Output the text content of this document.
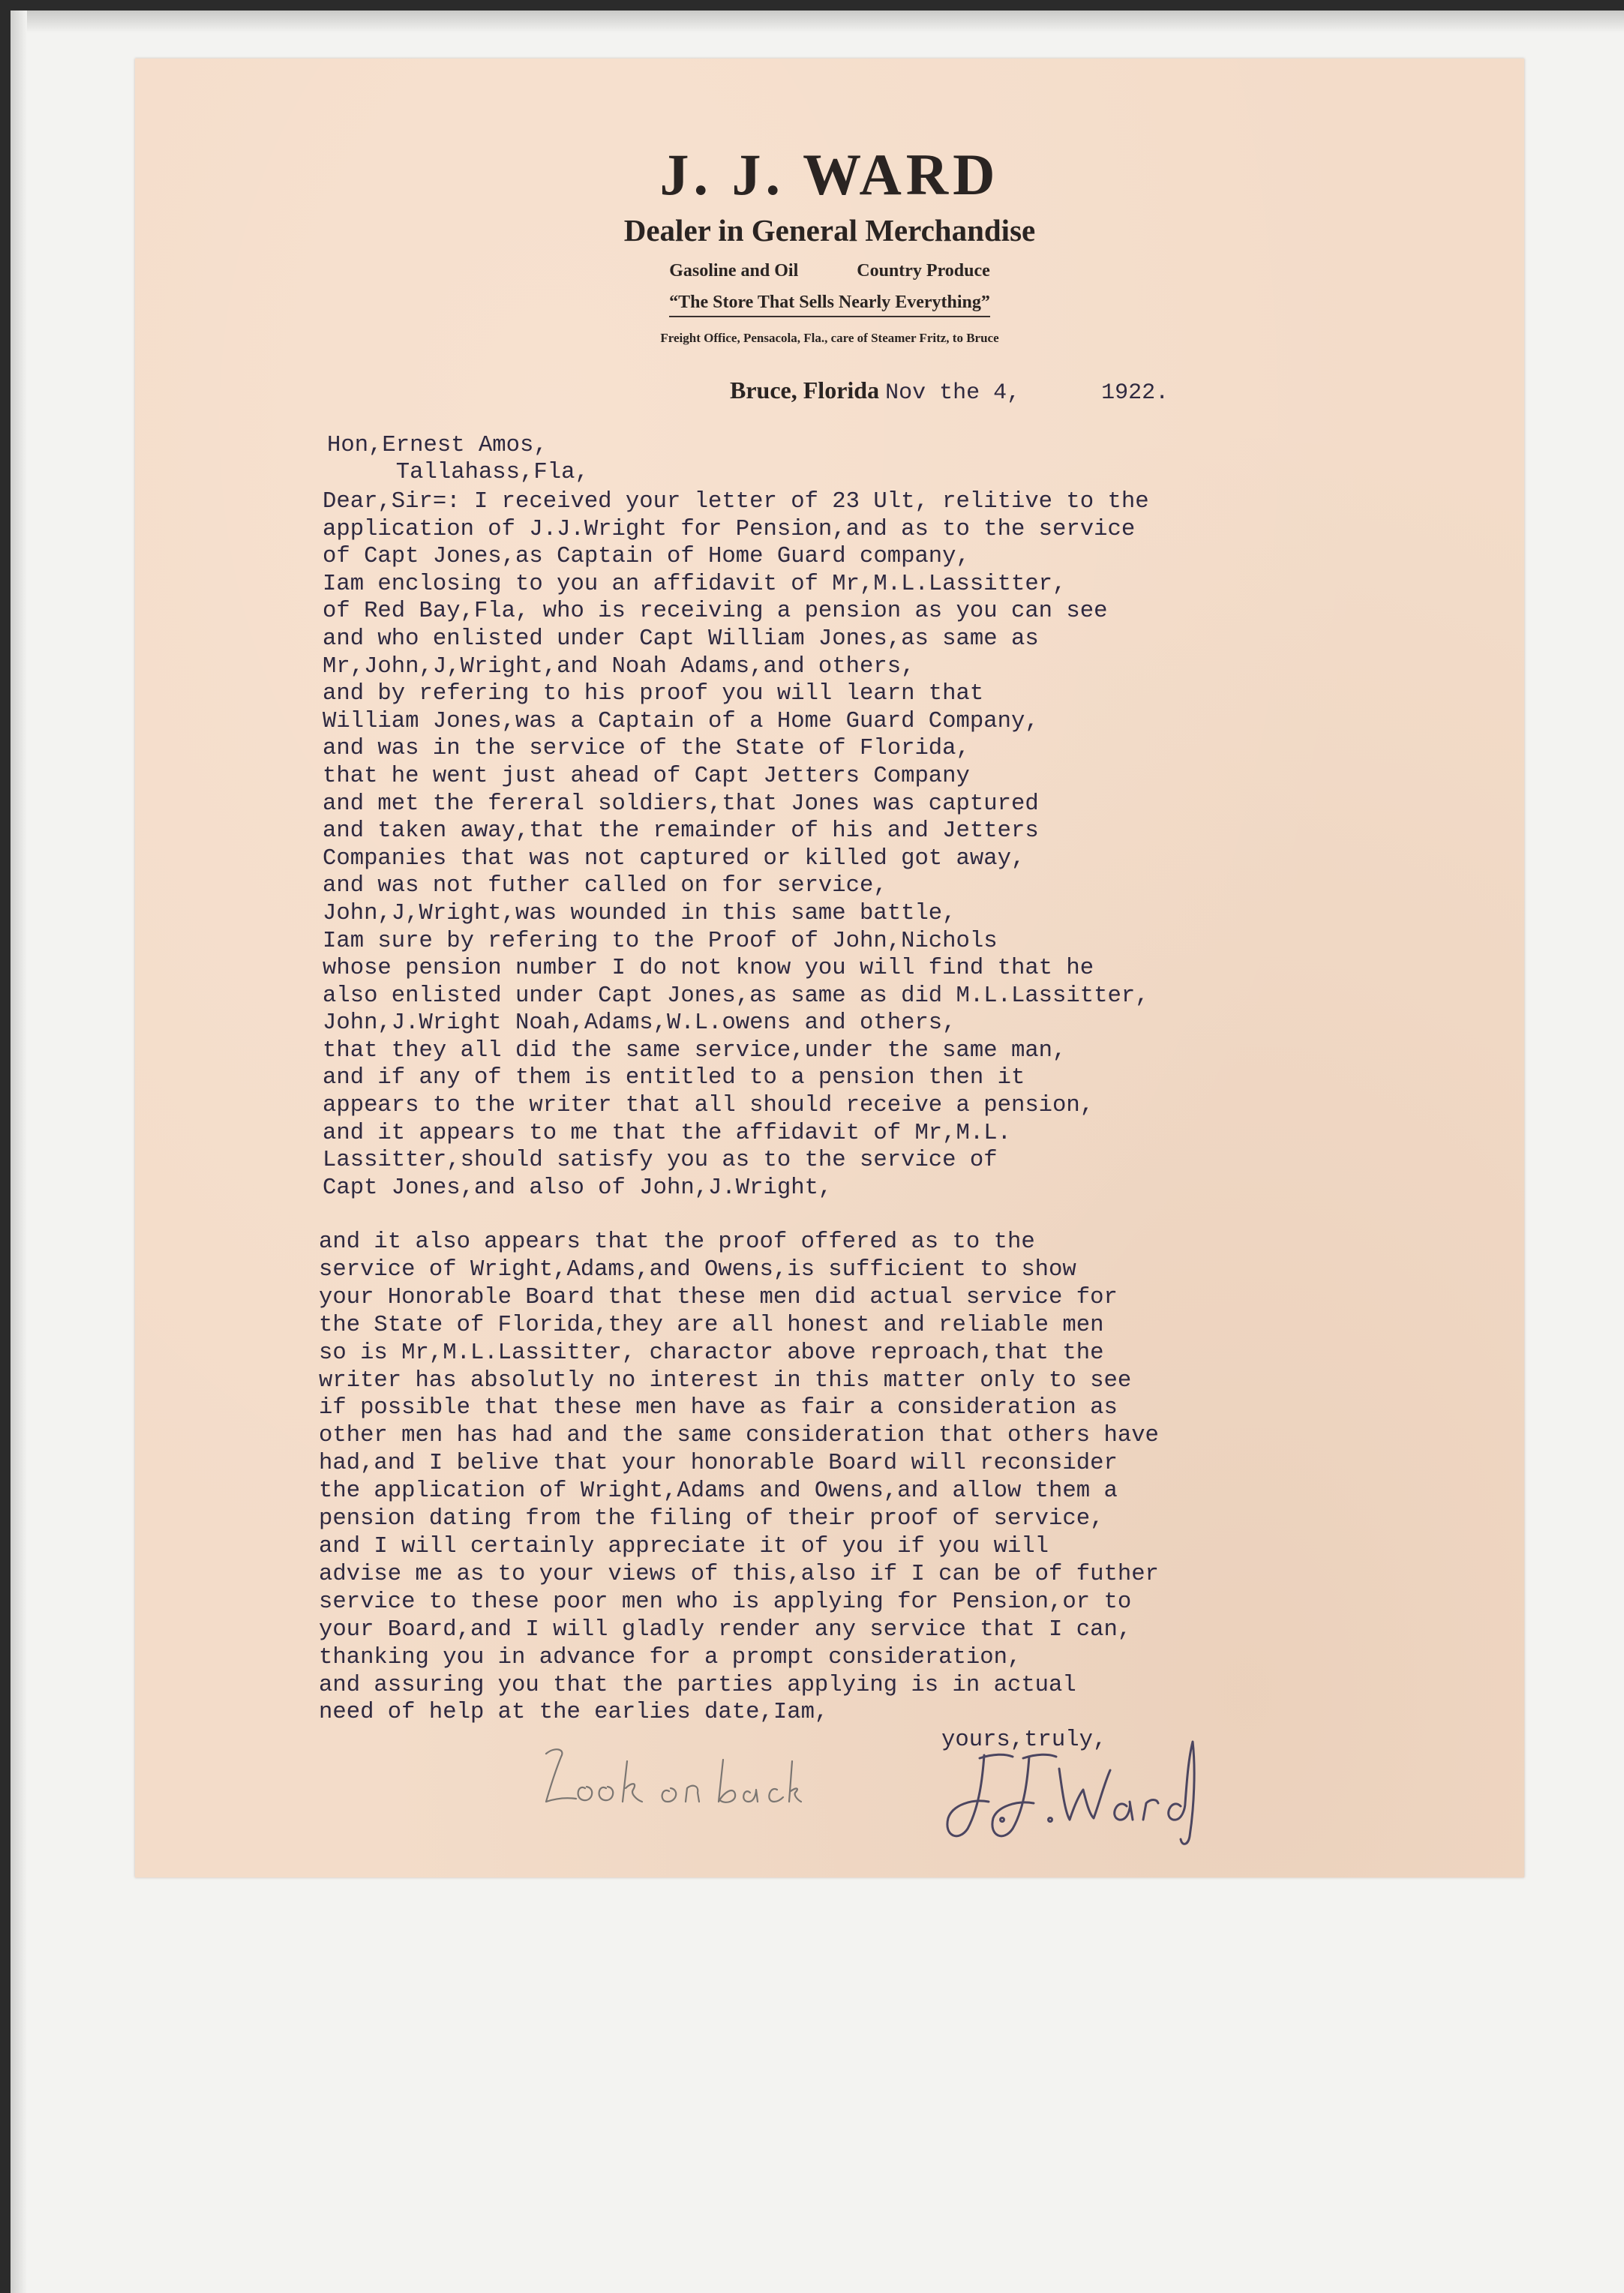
J. J. WARD
Dealer in General Merchandise
Gasoline and Oil	Country Produce
“The Store That Sells Nearly Everything”
Freight Office, Pensacola, Fla., care of Steamer Fritz, to Bruce
Bruce, Florida Nov the 4,      1922.
Hon,Ernest Amos,
Tallahass,Fla,
Dear,Sir=: I received your letter of 23 Ult, relitive to the
application of J.J.Wright for Pension,and as to the service
of Capt Jones,as Captain of Home Guard company,
Iam enclosing to you an affidavit of Mr,M.L.Lassitter,
of Red Bay,Fla, who is receiving a pension as you can see
and who enlisted under Capt William Jones,as same as
Mr,John,J,Wright,and Noah Adams,and others,
and by refering to his proof you will learn that
William Jones,was a Captain of a Home Guard Company,
and was in the service of the State of Florida,
that he went just ahead of Capt Jetters Company
and met the fereral soldiers,that Jones was captured
and taken away,that the remainder of his and Jetters
Companies that was not captured or killed got away,
and was not futher called on for service,
John,J,Wright,was wounded in this same battle,
Iam sure by refering to the Proof of John,Nichols
whose pension number I do not know you will find that he
also enlisted under Capt Jones,as same as did M.L.Lassitter,
John,J.Wright Noah,Adams,W.L.owens and others,
that they all did the same service,under the same man,
and if any of them is entitled to a pension then it
appears to the writer that all should receive a pension,
and it appears to me that the affidavit of Mr,M.L.
Lassitter,should satisfy you as to the service of
Capt Jones,and also of John,J.Wright,
and it also appears that the proof offered as to the
service of Wright,Adams,and Owens,is sufficient to show
your Honorable Board that these men did actual service for
the State of Florida,they are all honest and reliable men
so is Mr,M.L.Lassitter, charactor above reproach,that the
writer has absolutly no interest in this matter only to see
if possible that these men have as fair a consideration as
other men has had and the same consideration that others have
had,and I belive that your honorable Board will reconsider
the application of Wright,Adams and Owens,and allow them a
pension dating from the filing of their proof of service,
and I will certainly appreciate it of you if you will
advise me as to your views of this,also if I can be of futher
service to these poor men who is applying for Pension,or to
your Board,and I will gladly render any service that I can,
thanking you in advance for a prompt consideration,
and assuring you that the parties applying is in actual
need of help at the earlies date,Iam,
yours,truly,
